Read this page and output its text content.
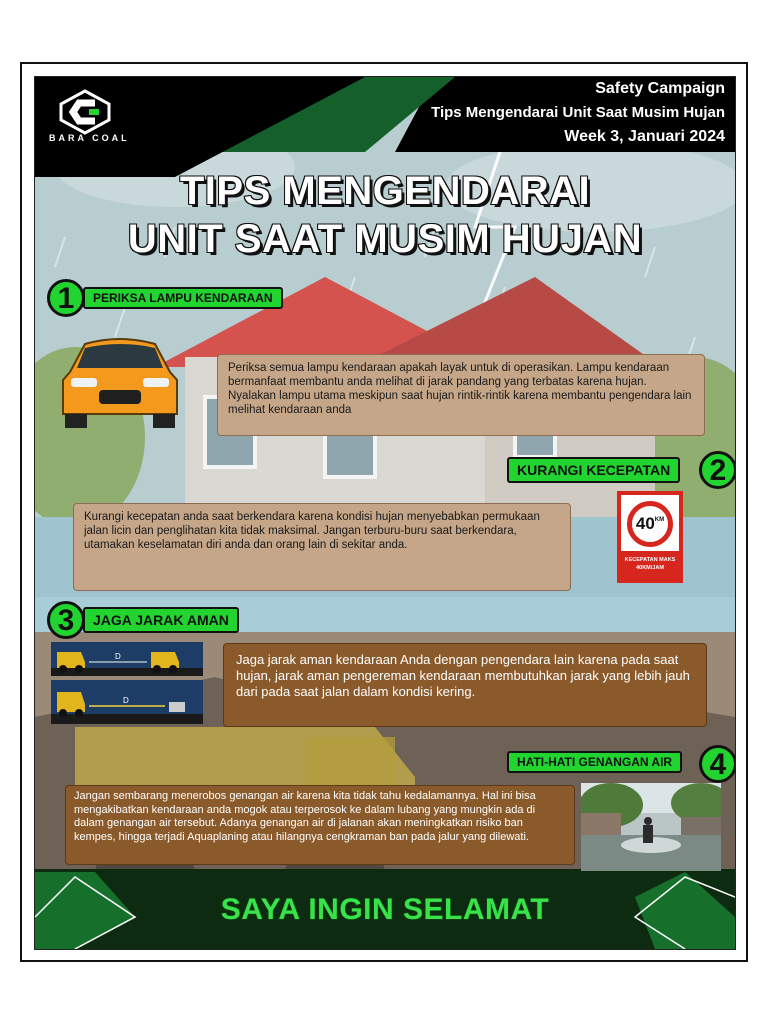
BARA COAL
Safety Campaign
Tips Mengendarai Unit Saat Musim Hujan
Week 3, Januari 2024
TIPS MENGENDARAI
UNIT SAAT MUSIM HUJAN
1	PERIKSA LAMPU KENDARAAN
Periksa semua lampu kendaraan apakah layak untuk di operasikan. Lampu kendaraan bermanfaat membantu anda melihat di jarak pandang yang terbatas karena hujan. Nyalakan lampu utama meskipun saat hujan rintik-rintik karena membantu pengendara lain melihat kendaraan anda
KURANGI KECEPATAN	2
Kurangi kecepatan anda saat berkendara karena kondisi hujan menyebabkan permukaan jalan licin dan penglihatan kita tidak maksimal. Jangan terburu-buru saat berkendara, utamakan keselamatan diri anda dan orang lain di sekitar anda.
$40^{KM}$
KECEPATAN MAKS
40KM/JAM
3	JAGA JARAK AMAN
D
D
Jaga jarak aman kendaraan Anda dengan pengendara lain karena pada saat hujan, jarak aman pengereman kendaraan membutuhkan jarak yang lebih jauh dari pada saat jalan dalam kondisi kering.
HATI-HATI GENANGAN AIR	4
Jangan sembarang menerobos genangan air karena kita tidak tahu kedalamannya. Hal ini bisa mengakibatkan kendaraan anda mogok atau terperosok ke dalam lubang yang mungkin ada di dalam genangan air tersebut. Adanya genangan air di jalanan akan meningkatkan risiko ban kempes, hingga terjadi Aquaplaning atau hilangnya cengkraman ban pada jalur yang dilewati.
SAYA INGIN SELAMAT
